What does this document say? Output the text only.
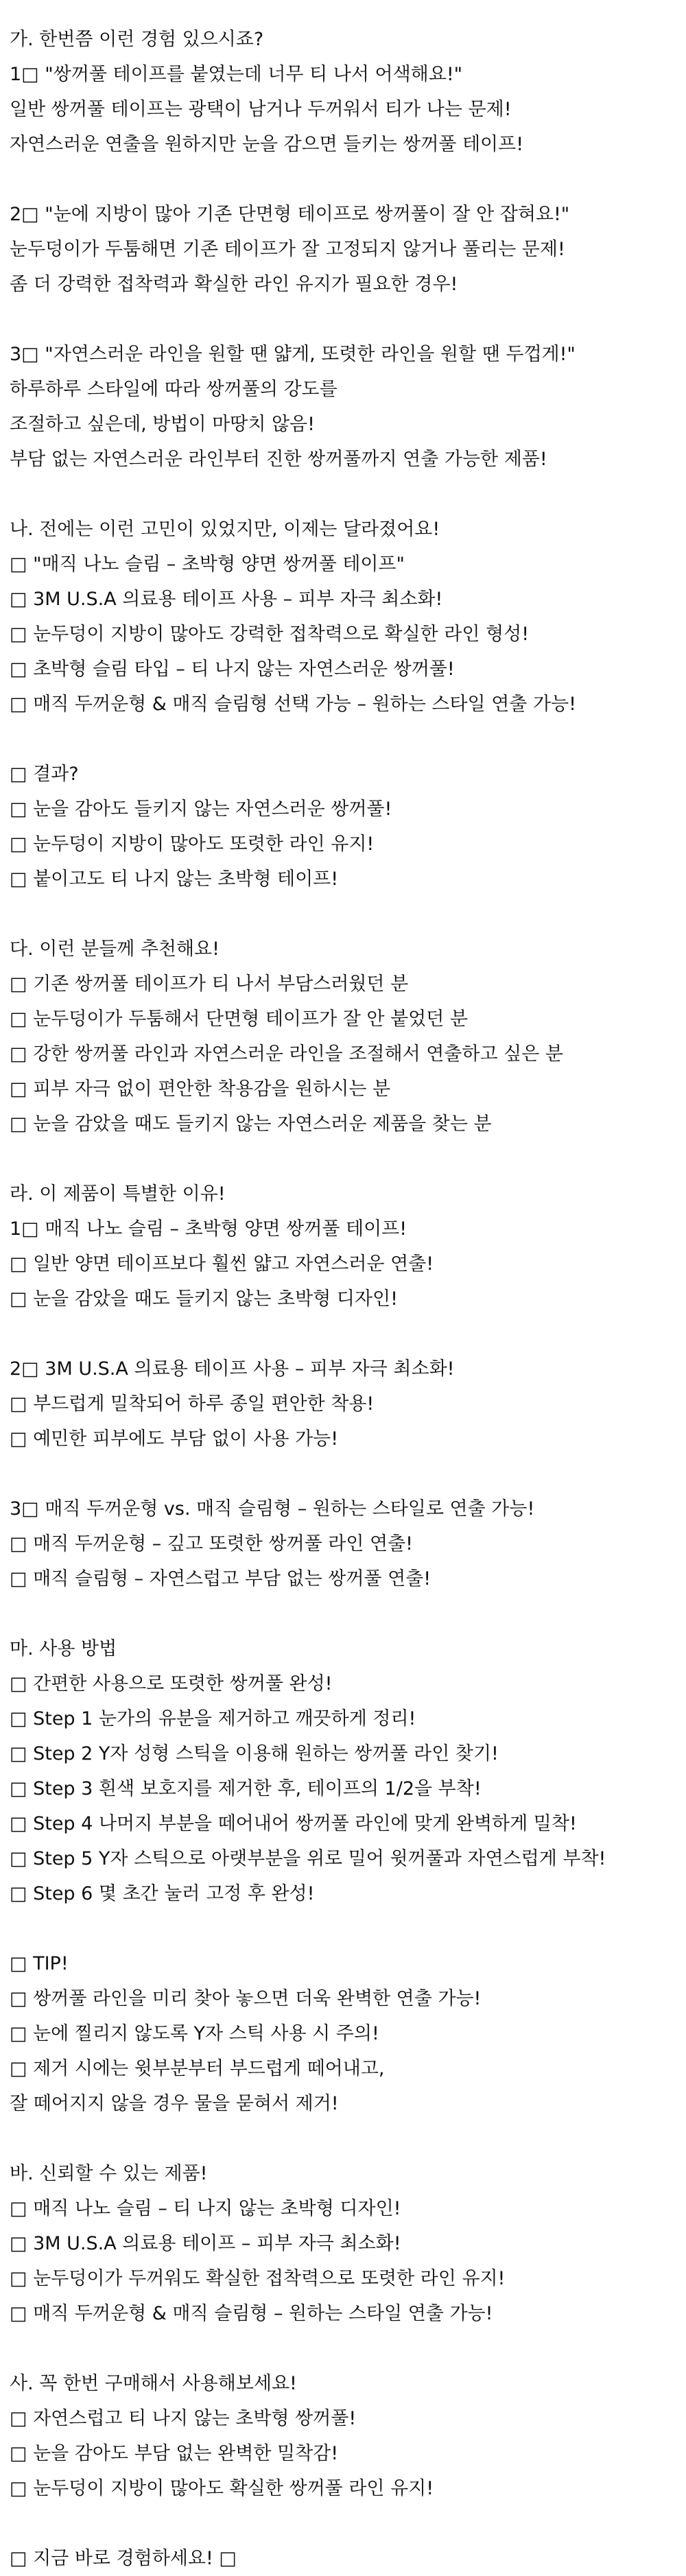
가. 한번쯤 이런 경험 있으시죠?
1□ "쌍꺼풀 테이프를 붙였는데 너무 티 나서 어색해요!"
일반 쌍꺼풀 테이프는 광택이 남거나 두꺼워서 티가 나는 문제!
자연스러운 연출을 원하지만 눈을 감으면 들키는 쌍꺼풀 테이프!
2□ "눈에 지방이 많아 기존 단면형 테이프로 쌍꺼풀이 잘 안 잡혀요!"
눈두덩이가 두툼해면 기존 테이프가 잘 고정되지 않거나 풀리는 문제!
좀 더 강력한 접착력과 확실한 라인 유지가 필요한 경우!
3□ "자연스러운 라인을 원할 땐 얇게, 또렷한 라인을 원할 땐 두껍게!"
하루하루 스타일에 따라 쌍꺼풀의 강도를
조절하고 싶은데, 방법이 마땅치 않음!
부담 없는 자연스러운 라인부터 진한 쌍꺼풀까지 연출 가능한 제품!
나. 전에는 이런 고민이 있었지만, 이제는 달라졌어요!
□ "매직 나노 슬림 – 초박형 양면 쌍꺼풀 테이프"
□ 3M U.S.A 의료용 테이프 사용 – 피부 자극 최소화!
□ 눈두덩이 지방이 많아도 강력한 접착력으로 확실한 라인 형성!
□ 초박형 슬림 타입 – 티 나지 않는 자연스러운 쌍꺼풀!
□ 매직 두꺼운형 & 매직 슬림형 선택 가능 – 원하는 스타일 연출 가능!
□ 결과?
□ 눈을 감아도 들키지 않는 자연스러운 쌍꺼풀!
□ 눈두덩이 지방이 많아도 또렷한 라인 유지!
□ 붙이고도 티 나지 않는 초박형 테이프!
다. 이런 분들께 추천해요!
□ 기존 쌍꺼풀 테이프가 티 나서 부담스러웠던 분
□ 눈두덩이가 두툼해서 단면형 테이프가 잘 안 붙었던 분
□ 강한 쌍꺼풀 라인과 자연스러운 라인을 조절해서 연출하고 싶은 분
□ 피부 자극 없이 편안한 착용감을 원하시는 분
□ 눈을 감았을 때도 들키지 않는 자연스러운 제품을 찾는 분
라. 이 제품이 특별한 이유!
1□ 매직 나노 슬림 – 초박형 양면 쌍꺼풀 테이프!
□ 일반 양면 테이프보다 훨씬 얇고 자연스러운 연출!
□ 눈을 감았을 때도 들키지 않는 초박형 디자인!
2□ 3M U.S.A 의료용 테이프 사용 – 피부 자극 최소화!
□ 부드럽게 밀착되어 하루 종일 편안한 착용!
□ 예민한 피부에도 부담 없이 사용 가능!
3□ 매직 두꺼운형 vs. 매직 슬림형 – 원하는 스타일로 연출 가능!
□ 매직 두꺼운형 – 깊고 또렷한 쌍꺼풀 라인 연출!
□ 매직 슬림형 – 자연스럽고 부담 없는 쌍꺼풀 연출!
마. 사용 방법
□ 간편한 사용으로 또렷한 쌍꺼풀 완성!
□ Step 1 눈가의 유분을 제거하고 깨끗하게 정리!
□ Step 2 Y자 성형 스틱을 이용해 원하는 쌍꺼풀 라인 찾기!
□ Step 3 흰색 보호지를 제거한 후, 테이프의 1/2을 부착!
□ Step 4 나머지 부분을 떼어내어 쌍꺼풀 라인에 맞게 완벽하게 밀착!
□ Step 5 Y자 스틱으로 아랫부분을 위로 밀어 윗꺼풀과 자연스럽게 부착!
□ Step 6 몇 초간 눌러 고정 후 완성!
□ TIP!
□ 쌍꺼풀 라인을 미리 찾아 놓으면 더욱 완벽한 연출 가능!
□ 눈에 찔리지 않도록 Y자 스틱 사용 시 주의!
□ 제거 시에는 윗부분부터 부드럽게 떼어내고,
잘 떼어지지 않을 경우 물을 묻혀서 제거!
바. 신뢰할 수 있는 제품!
□ 매직 나노 슬림 – 티 나지 않는 초박형 디자인!
□ 3M U.S.A 의료용 테이프 – 피부 자극 최소화!
□ 눈두덩이가 두꺼워도 확실한 접착력으로 또렷한 라인 유지!
□ 매직 두꺼운형 & 매직 슬림형 – 원하는 스타일 연출 가능!
사. 꼭 한번 구매해서 사용해보세요!
□ 자연스럽고 티 나지 않는 초박형 쌍꺼풀!
□ 눈을 감아도 부담 없는 완벽한 밀착감!
□ 눈두덩이 지방이 많아도 확실한 쌍꺼풀 라인 유지!
□ 지금 바로 경험하세요! □
